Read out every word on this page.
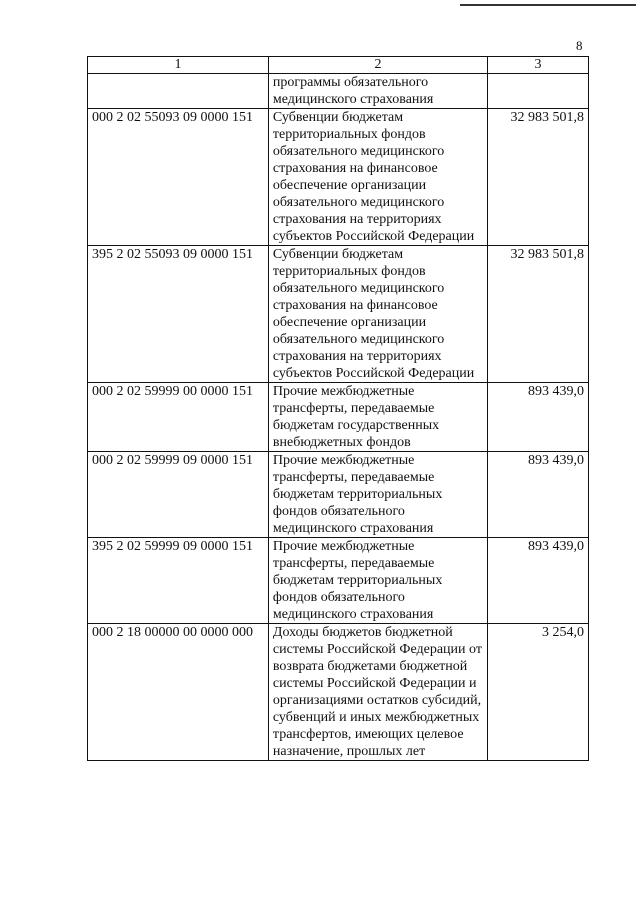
8
1	2	3
	программы обязательного медицинского страхования	
000 2 02 55093 09 0000 151	Субвенции бюджетам территориальных фондов обязательного медицинского страхования на финансовое обеспечение организации обязательного медицинского страхования на территориях субъектов Российской Федерации	32 983 501,8
395 2 02 55093 09 0000 151	Субвенции бюджетам территориальных фондов обязательного медицинского страхования на финансовое обеспечение организации обязательного медицинского страхования на территориях субъектов Российской Федерации	32 983 501,8
000 2 02 59999 00 0000 151	Прочие межбюджетные трансферты, передаваемые бюджетам государственных внебюджетных фондов	893 439,0
000 2 02 59999 09 0000 151	Прочие межбюджетные трансферты, передаваемые бюджетам территориальных фондов обязательного медицинского страхования	893 439,0
395 2 02 59999 09 0000 151	Прочие межбюджетные трансферты, передаваемые бюджетам территориальных фондов обязательного медицинского страхования	893 439,0
000 2 18 00000 00 0000 000	Доходы бюджетов бюджетной системы Российской Федерации от возврата бюджетами бюджетной системы Российской Федерации и организациями остатков субсидий, субвенций и иных межбюджетных трансфертов, имеющих целевое назначение, прошлых лет	3 254,0
